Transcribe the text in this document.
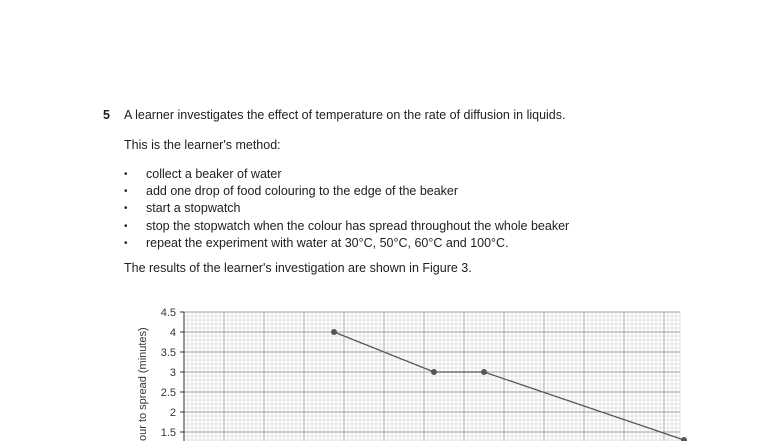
5 A learner investigates the effect of temperature on the rate of diffusion in liquids.
This is the learner's method:
• collect a beaker of water
• add one drop of food colouring to the edge of the beaker
• start a stopwatch
• stop the stopwatch when the colour has spread throughout the whole beaker
• repeat the experiment with water at 30°C, 50°C, 60°C and 100°C.
The results of the learner's investigation are shown in Figure 3.
1.5
2
2.5
3
3.5
4
4.5
our to spread (minutes)
